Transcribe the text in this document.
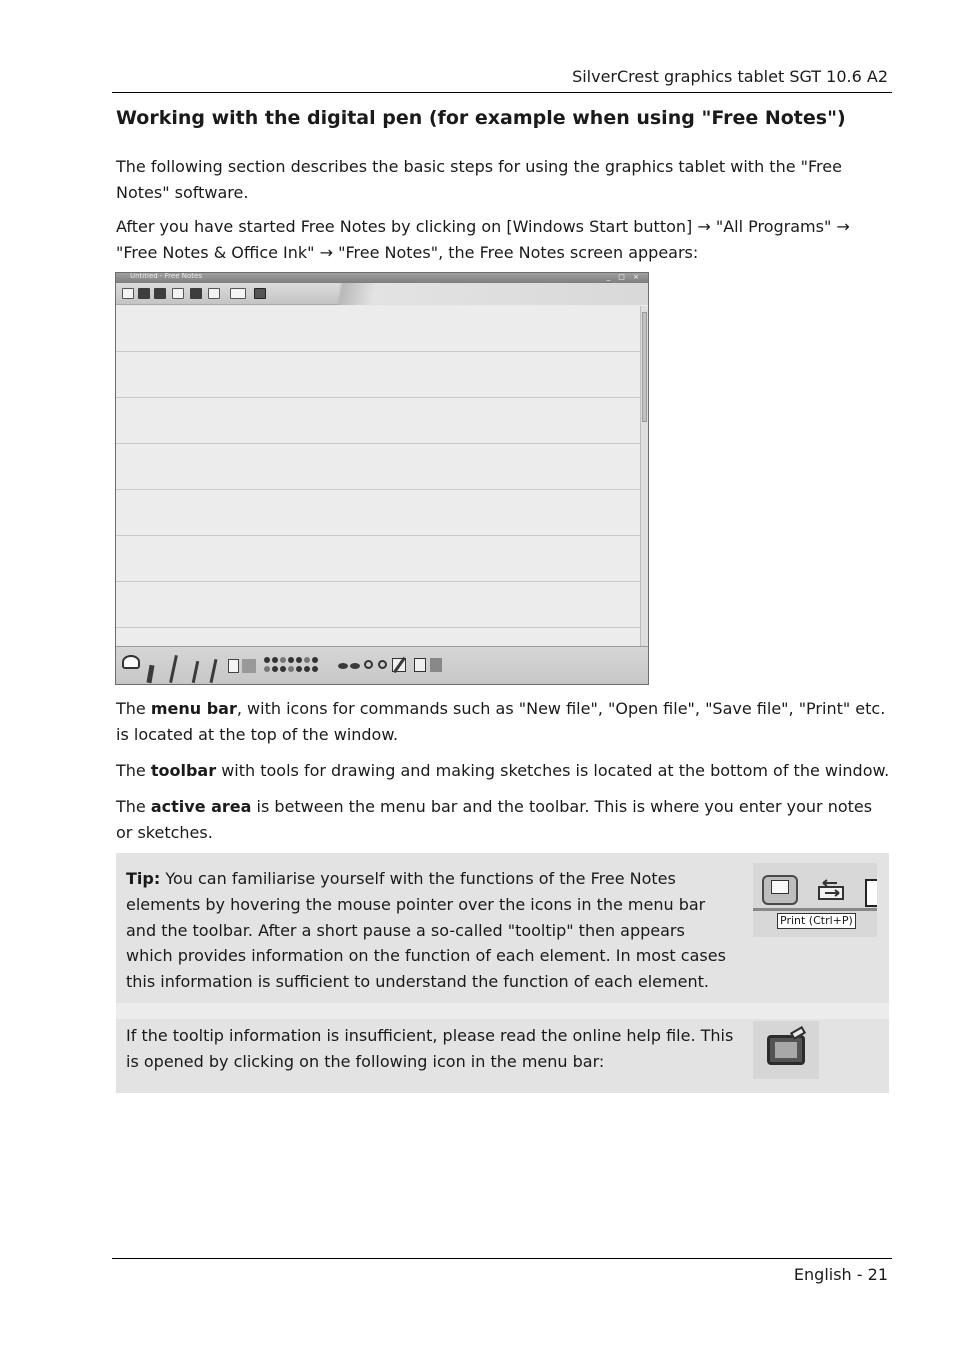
SilverCrest graphics tablet SGT 10.6 A2
Working with the digital pen (for example when using "Free Notes")

The following section describes the basic steps for using the graphics tablet with the "Free Notes" software.

After you have started Free Notes by clicking on [Windows Start button] → "All Programs" → "Free Notes & Office Ink" → "Free Notes", the Free Notes screen appears:

Untitled - Free Notes	_ □ ×

The menu bar, with icons for commands such as "New file", "Open file", "Save file", "Print" etc. is located at the top of the window.

The toolbar with tools for drawing and making sketches is located at the bottom of the window.

The active area is between the menu bar and the toolbar. This is where you enter your notes or sketches.

Tip: You can familiarise yourself with the functions of the Free Notes elements by hovering the mouse pointer over the icons in the menu bar and the toolbar. After a short pause a so-called "tooltip" then appears which provides information on the function of each element. In most cases this information is sufficient to understand the function of each element.

Print (Ctrl+P)

If the tooltip information is insufficient, please read the online help file. This is opened by clicking on the following icon in the menu bar:

English - 21
